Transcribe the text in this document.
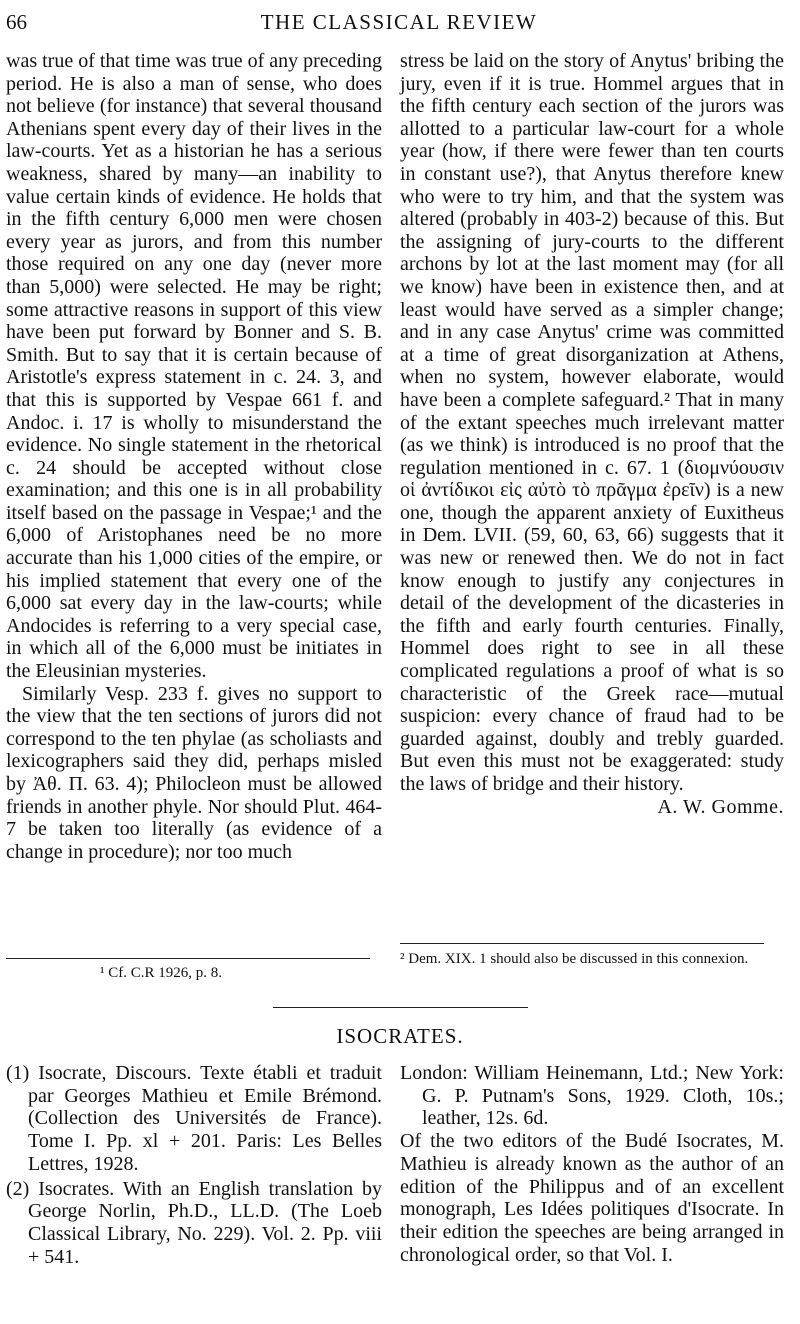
66	THE CLASSICAL REVIEW

was true of that time was true of any preceding period. He is also a man of sense, who does not believe (for instance) that several thousand Athenians spent every day of their lives in the law-courts. Yet as a historian he has a serious weakness, shared by many—an inability to value certain kinds of evidence. He holds that in the fifth century 6,000 men were chosen every year as jurors, and from this number those required on any one day (never more than 5,000) were selected. He may be right; some attractive reasons in support of this view have been put forward by Bonner and S. B. Smith. But to say that it is certain because of Aristotle's express statement in c. 24. 3, and that this is supported by Vespae 661 f. and Andoc. i. 17 is wholly to misunderstand the evidence. No single statement in the rhetorical c. 24 should be accepted without close examination; and this one is in all probability itself based on the passage in Vespae;¹ and the 6,000 of Aristophanes need be no more accurate than his 1,000 cities of the empire, or his implied statement that every one of the 6,000 sat every day in the law-courts; while Andocides is referring to a very special case, in which all of the 6,000 must be initiates in the Eleusinian mysteries.

Similarly Vesp. 233 f. gives no support to the view that the ten sections of jurors did not correspond to the ten phylae (as scholiasts and lexicographers said they did, perhaps misled by Ἀθ. Π. 63. 4); Philocleon must be allowed friends in another phyle. Nor should Plut. 464-7 be taken too literally (as evidence of a change in procedure); nor too much

stress be laid on the story of Anytus' bribing the jury, even if it is true. Hommel argues that in the fifth century each section of the jurors was allotted to a particular law-court for a whole year (how, if there were fewer than ten courts in constant use?), that Anytus therefore knew who were to try him, and that the system was altered (probably in 403-2) because of this. But the assigning of jury-courts to the different archons by lot at the last moment may (for all we know) have been in existence then, and at least would have served as a simpler change; and in any case Anytus' crime was committed at a time of great disorganization at Athens, when no system, however elaborate, would have been a complete safeguard.² That in many of the extant speeches much irrelevant matter (as we think) is introduced is no proof that the regulation mentioned in c. 67. 1 (διομνύουσιν οἱ ἀντίδικοι εἰς αὐτὸ τὸ πρᾶγμα ἐρεῖν) is a new one, though the apparent anxiety of Euxitheus in Dem. LVII. (59, 60, 63, 66) suggests that it was new or renewed then. We do not in fact know enough to justify any conjectures in detail of the development of the dicasteries in the fifth and early fourth centuries. Finally, Hommel does right to see in all these complicated regulations a proof of what is so characteristic of the Greek race—mutual suspicion: every chance of fraud had to be guarded against, doubly and trebly guarded. But even this must not be exaggerated: study the laws of bridge and their history.
A. W. Gomme.

¹ Cf. C.R 1926, p. 8.
² Dem. XIX. 1 should also be discussed in this connexion.
ISOCRATES.

(1) Isocrate, Discours. Texte établi et traduit par Georges Mathieu et Emile Brémond. (Collection des Universités de France). Tome I. Pp. xl + 201. Paris: Les Belles Lettres, 1928.

(2) Isocrates. With an English translation by George Norlin, Ph.D., LL.D. (The Loeb Classical Library, No. 229). Vol. 2. Pp. viii + 541.

London: William Heinemann, Ltd.; New York: G. P. Putnam's Sons, 1929. Cloth, 10s.; leather, 12s. 6d.

Of the two editors of the Budé Isocrates, M. Mathieu is already known as the author of an edition of the Philippus and of an excellent monograph, Les Idées politiques d'Isocrate. In their edition the speeches are being arranged in chronological order, so that Vol. I.
